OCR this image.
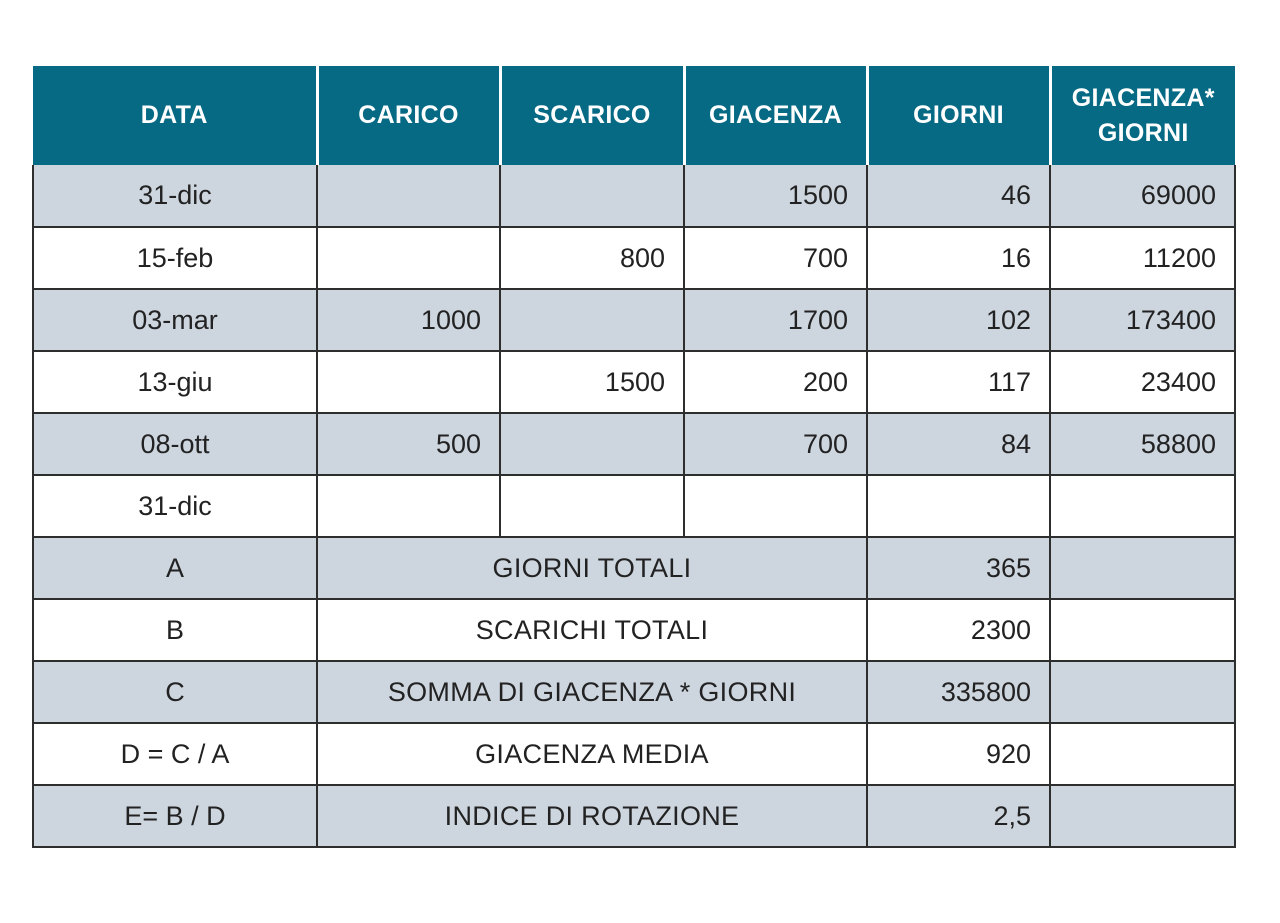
DATA	CARICO	SCARICO	GIACENZA	GIORNI	GIACENZA*
GIORNI
31-dic			1500	46	69000
15-feb		800	700	16	11200
03-mar	1000		1700	102	173400
13-giu		1500	200	117	23400
08-ott	500		700	84	58800
31-dic					
A	GIORNI TOTALI			365	
B	SCARICHI TOTALI			2300	
C	SOMMA DI GIACENZA * GIORNI			335800	
D = C / A	GIACENZA MEDIA			920	
E= B / D	INDICE DI ROTAZIONE			2,5	
